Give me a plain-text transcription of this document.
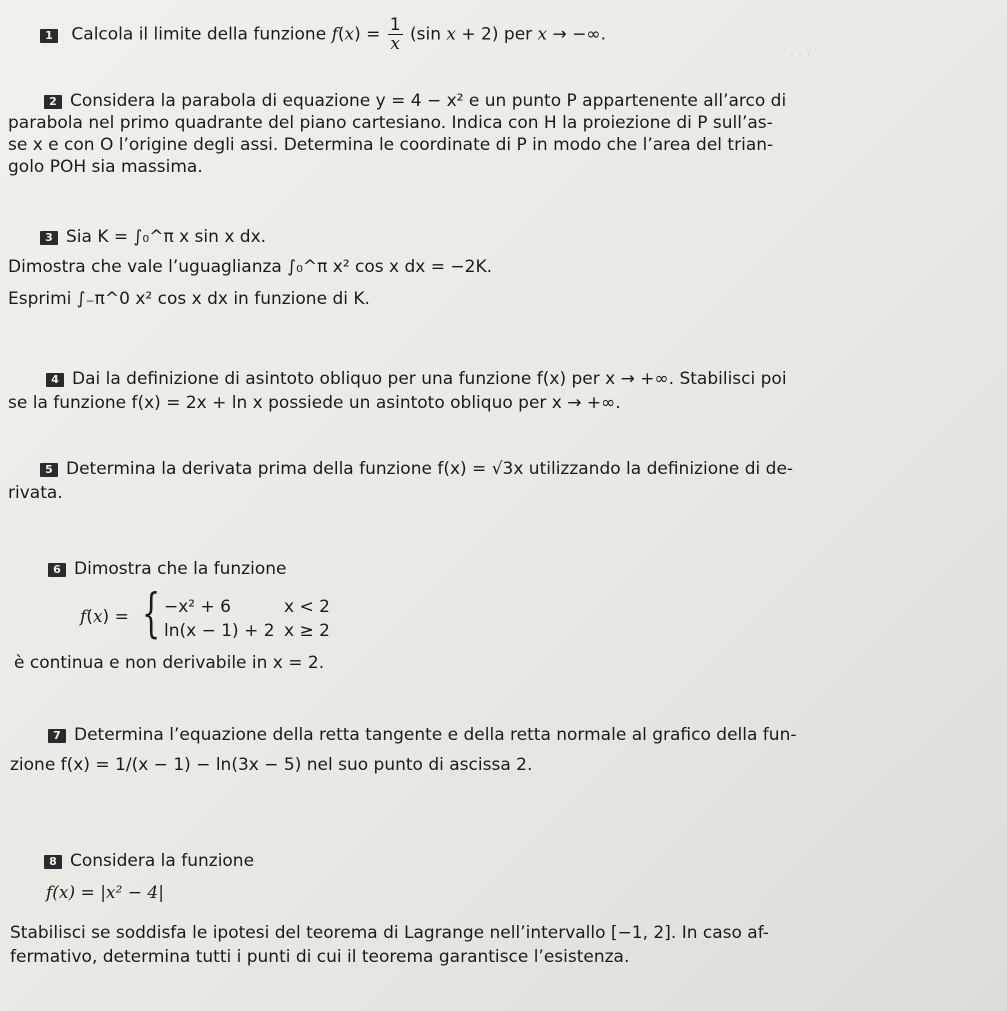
· · ·
1 Calcola il limite della funzione $f(x) = \frac{1}{x} (\sin$ x + 2) per x → −∞.
2 Considera la parabola di equazione y = 4 − x² e un punto P appartenente all’arco di
parabola nel primo quadrante del piano cartesiano. Indica con H la proiezione di P sull’as-
se x e con O l’origine degli assi. Determina le coordinate di P in modo che l’area del trian-
golo POH sia massima.
3 Sia K = ∫₀^π x sin x dx.
Dimostra che vale l’uguaglianza ∫₀^π x² cos x dx = −2K.
Esprimi ∫₋π^0 x² cos x dx in funzione di K.
4 Dai la definizione di asintoto obliquo per una funzione f(x) per x → +∞. Stabilisci poi
se la funzione f(x) = 2x + ln x possiede un asintoto obliquo per x → +∞.
5 Determina la derivata prima della funzione f(x) = √3x utilizzando la definizione di de-
rivata.
6 Dimostra che la funzione
f(x) = { −x² + 6	x < 2
ln(x − 1) + 2 x ≥ 2
è continua e non derivabile in x = 2.
7 Determina l’equazione della retta tangente e della retta normale al grafico della fun-
zione f(x) = 1/(x − 1) − ln(3x − 5) nel suo punto di ascissa 2.
8 Considera la funzione
f(x) = |x² − 4|
Stabilisci se soddisfa le ipotesi del teorema di Lagrange nell’intervallo [−1, 2]. In caso af-
fermativo, determina tutti i punti di cui il teorema garantisce l’esistenza.
